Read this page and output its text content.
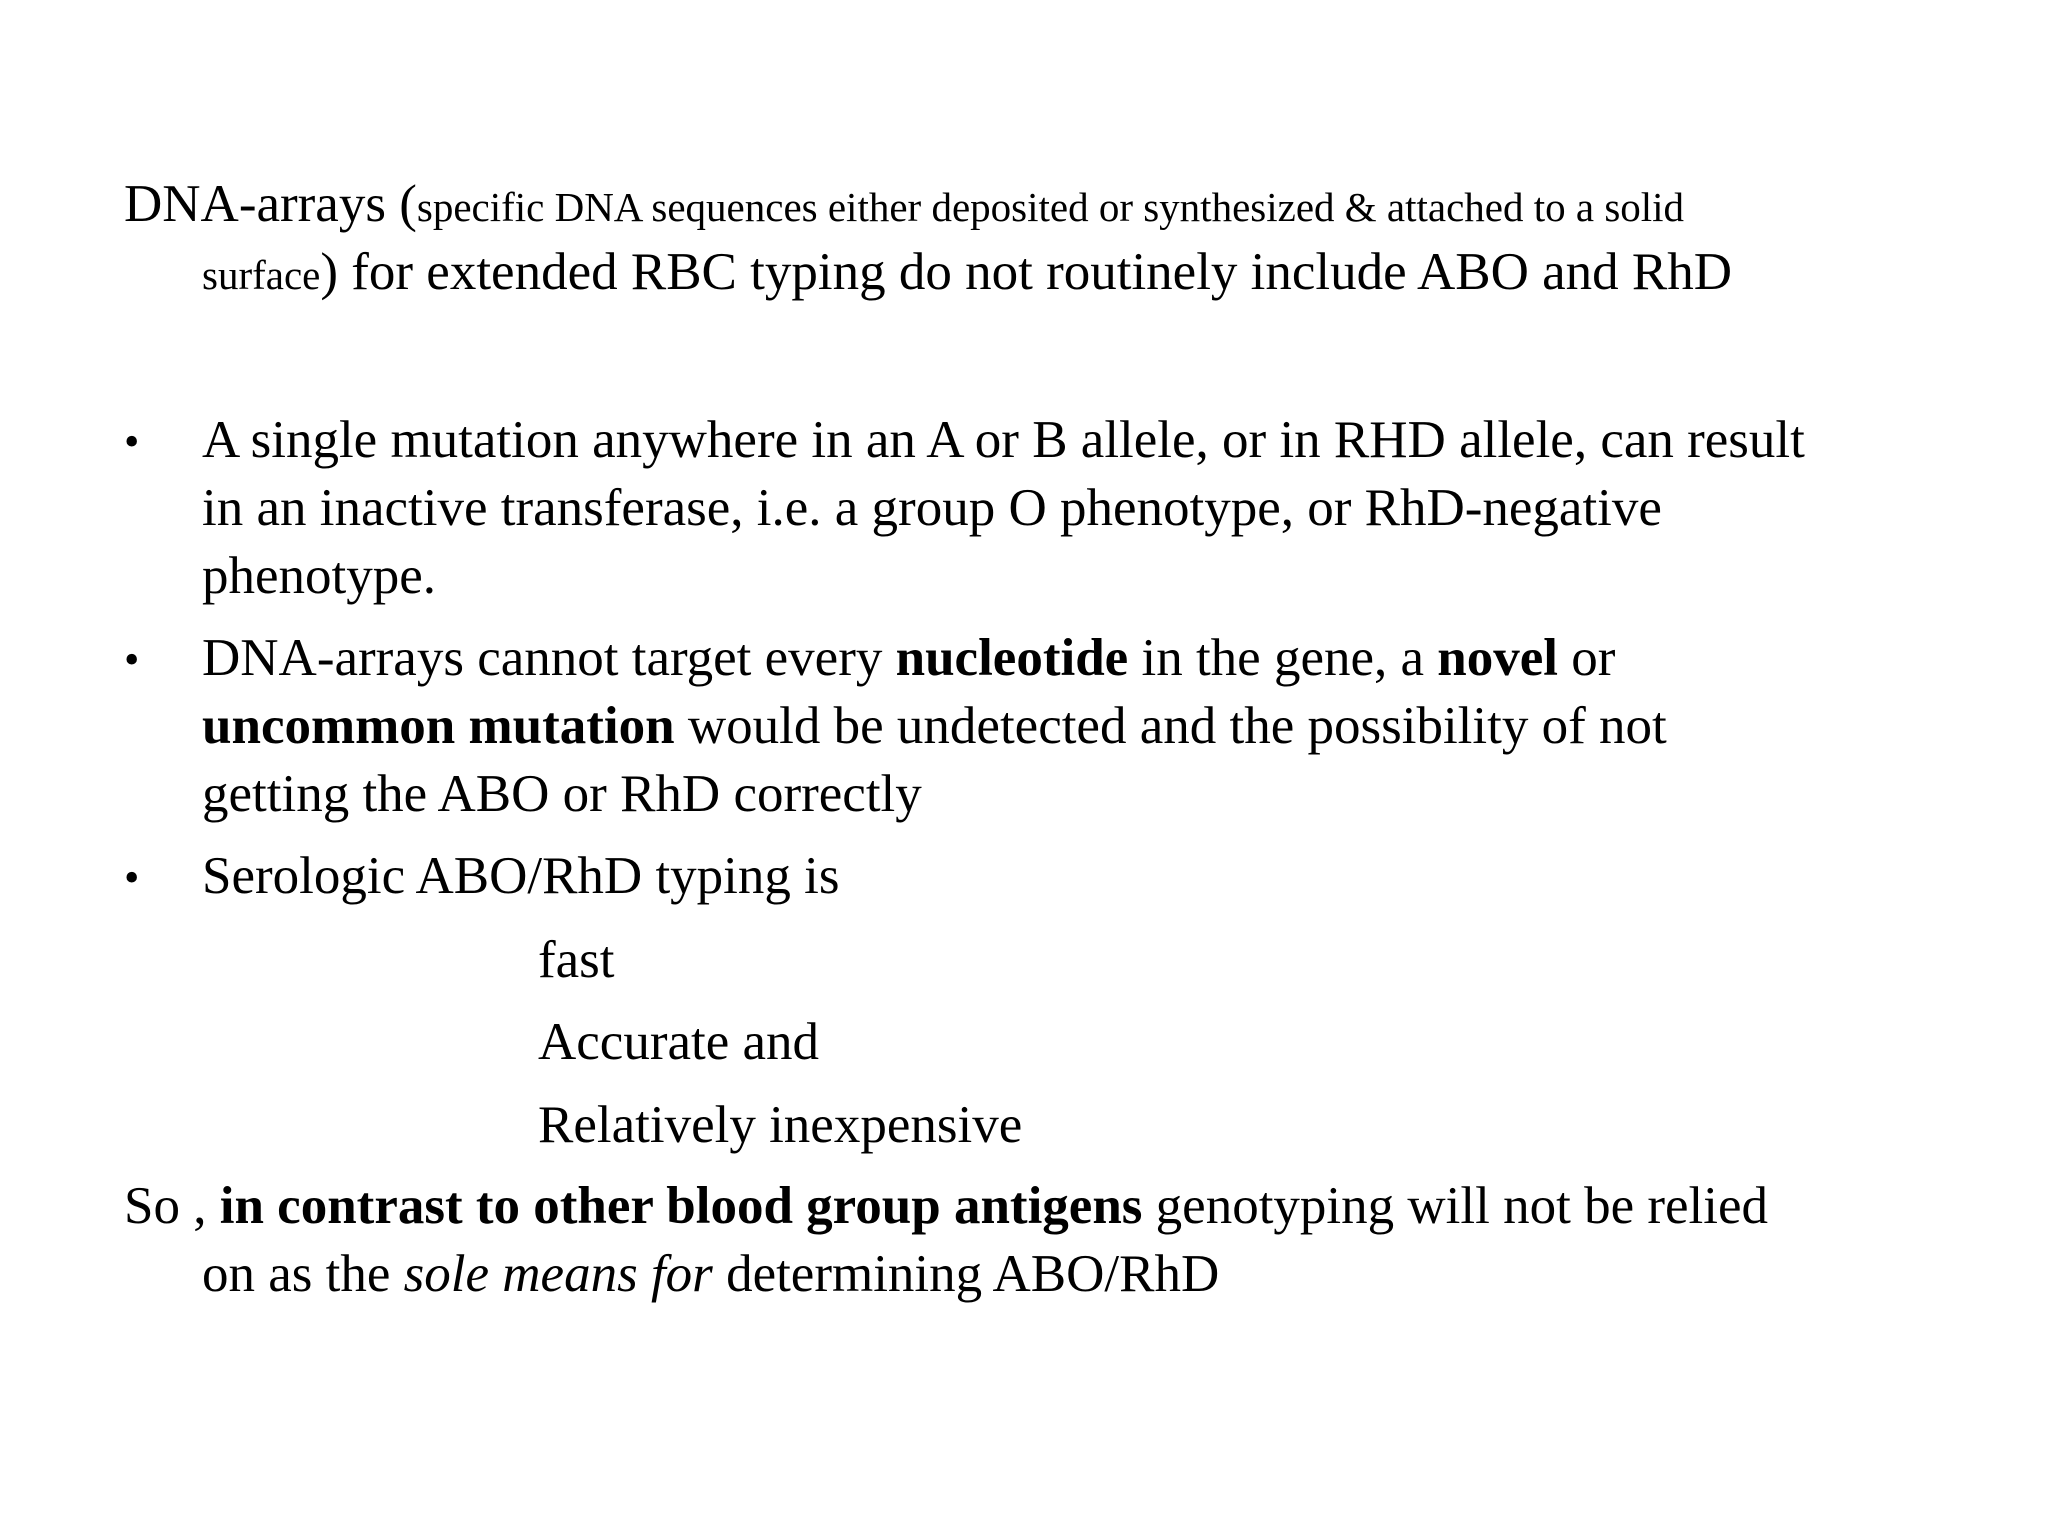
DNA-arrays (specific DNA sequences either deposited or synthesized & attached to a solid
surface) for extended RBC typing do not routinely include ABO and RhD
• A single mutation anywhere in an A or B allele, or in RHD allele, can result
in an inactive transferase, i.e. a group O phenotype, or RhD-negative
phenotype.
• DNA-arrays cannot target every nucleotide in the gene, a novel or
uncommon mutation would be undetected and the possibility of not
getting the ABO or RhD correctly
• Serologic ABO/RhD typing is
fast
Accurate and
Relatively inexpensive
So , in contrast to other blood group antigens genotyping will not be relied
on as the sole means for determining ABO/RhD
